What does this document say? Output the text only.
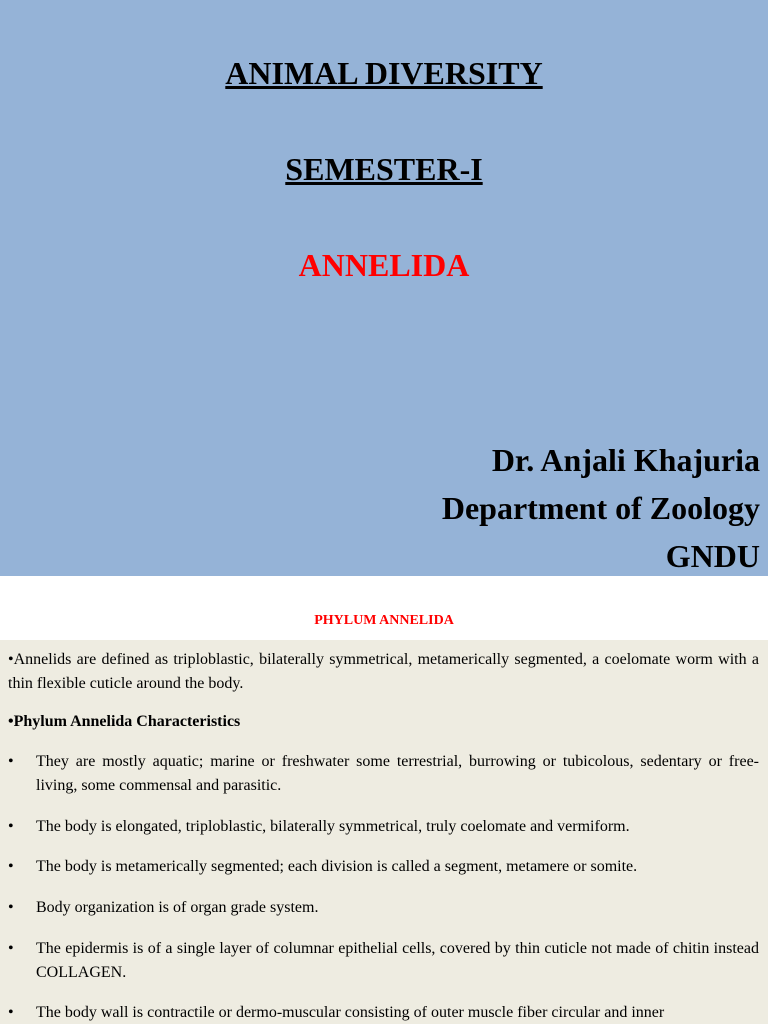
ANIMAL DIVERSITY
SEMESTER-I
ANNELIDA
Dr. Anjali Khajuria
Department of Zoology
GNDU
PHYLUM ANNELIDA
•Annelids are defined as triploblastic, bilaterally symmetrical, metamerically segmented, a coelomate worm with a thin flexible cuticle around the body.
•Phylum Annelida Characteristics
• They are mostly aquatic; marine or freshwater some terrestrial, burrowing or tubicolous, sedentary or free-living, some commensal and parasitic.
• The body is elongated, triploblastic, bilaterally symmetrical, truly coelomate and vermiform.
• The body is metamerically segmented; each division is called a segment, metamere or somite.
• Body organization is of organ grade system.
• The epidermis is of a single layer of columnar epithelial cells, covered by thin cuticle not made of chitin instead COLLAGEN.
• The body wall is contractile or dermo-muscular consisting of outer muscle fiber circular and inner
